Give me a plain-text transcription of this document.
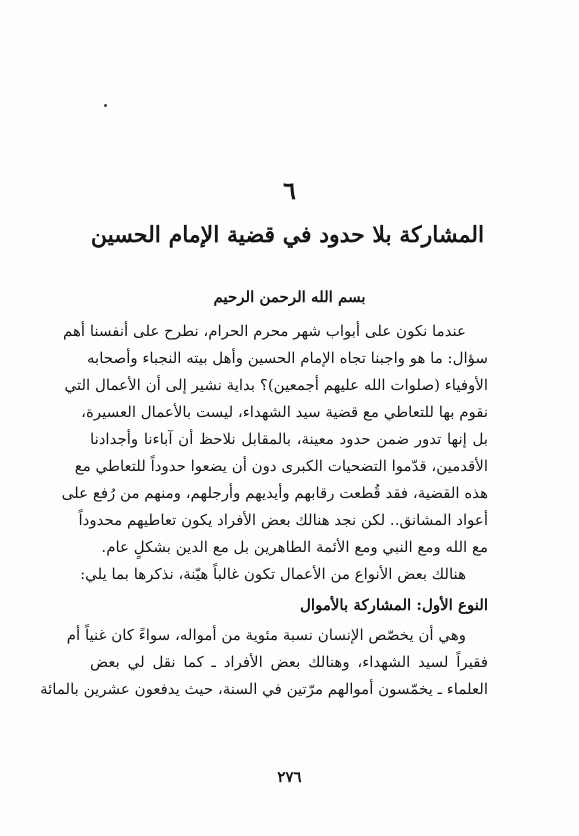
٦
المشاركة بلا حدود في قضية الإمام الحسين
بسم الله الرحمن الرحيم
عندما نكون على أبواب شهر محرم الحرام، نطرح على أنفسنا أهم
سؤال: ما هو واجبنا تجاه الإمام الحسين وأهل بيته النجباء وأصحابه
الأوفياء (صلوات الله عليهم أجمعين)؟ بداية نشير إلى أن الأعمال التي
نقوم بها للتعاطي مع قضية سيد الشهداء، ليست بالأعمال العسيرة،
بل إنها تدور ضمن حدود معينة، بالمقابل نلاحظ أن آباءنا وأجدادنا
الأقدمين، قدّموا التضحيات الكبرى دون أن يضعوا حدوداً للتعاطي مع
هذه القضية، فقد قُطعت رقابهم وأيديهم وأرجلهم، ومنهم من رُفع على
أعواد المشانق.. لكن نجد هنالك بعض الأفراد يكون تعاطيهم محدوداً
مع الله ومع النبي ومع الأئمة الطاهرين بل مع الدين بشكلٍ عام.
هنالك بعض الأنواع من الأعمال تكون غالباً هيّنة، نذكرها بما يلي:
النوع الأول: المشاركة بالأموال
وهي أن يخصّص الإنسان نسبة مئوية من أمواله، سواءً كان غنياً أم
فقيراً لسيد الشهداء، وهنالك بعض الأفراد ـ كما نقل لي بعض
العلماء ـ يخمّسون أموالهم مرّتين في السنة، حيث يدفعون عشرين بالمائة
٢٧٦
